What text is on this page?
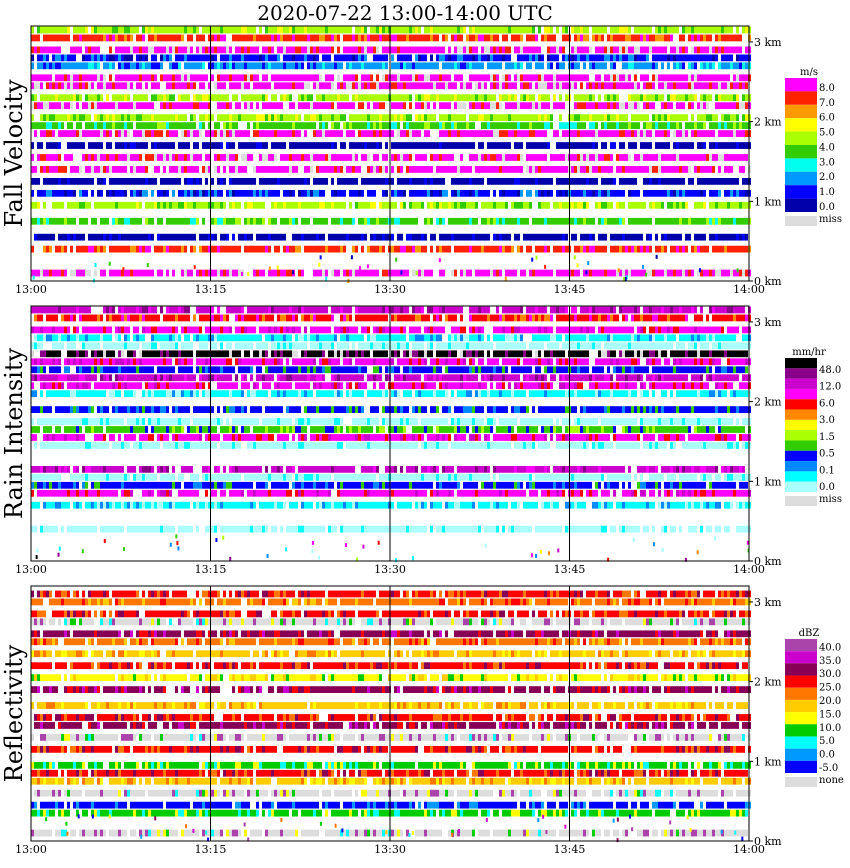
2020-07-22 13:00-14:00 UTC
13:00	13:15	13:30	13:45	14:00
0 km
1 km
2 km
3 km
Fall Velocity
m/s
8.0
7.0
6.0
5.0
4.0
3.0
2.0
1.0
0.0
miss
13:00	13:15	13:30	13:45	14:00
0 km
1 km
2 km
3 km
Rain Intensity	mm/hr
48.0
12.0
6.0
3.0
1.5
0.5
0.1
0.0
miss
13:00	13:15	13:30	13:45	14:00
0 km
1 km
2 km
3 km
Reflectivity
dBZ
40.0
35.0
30.0
25.0
20.0
15.0
10.0
5.0
0.0
-5.0
none
